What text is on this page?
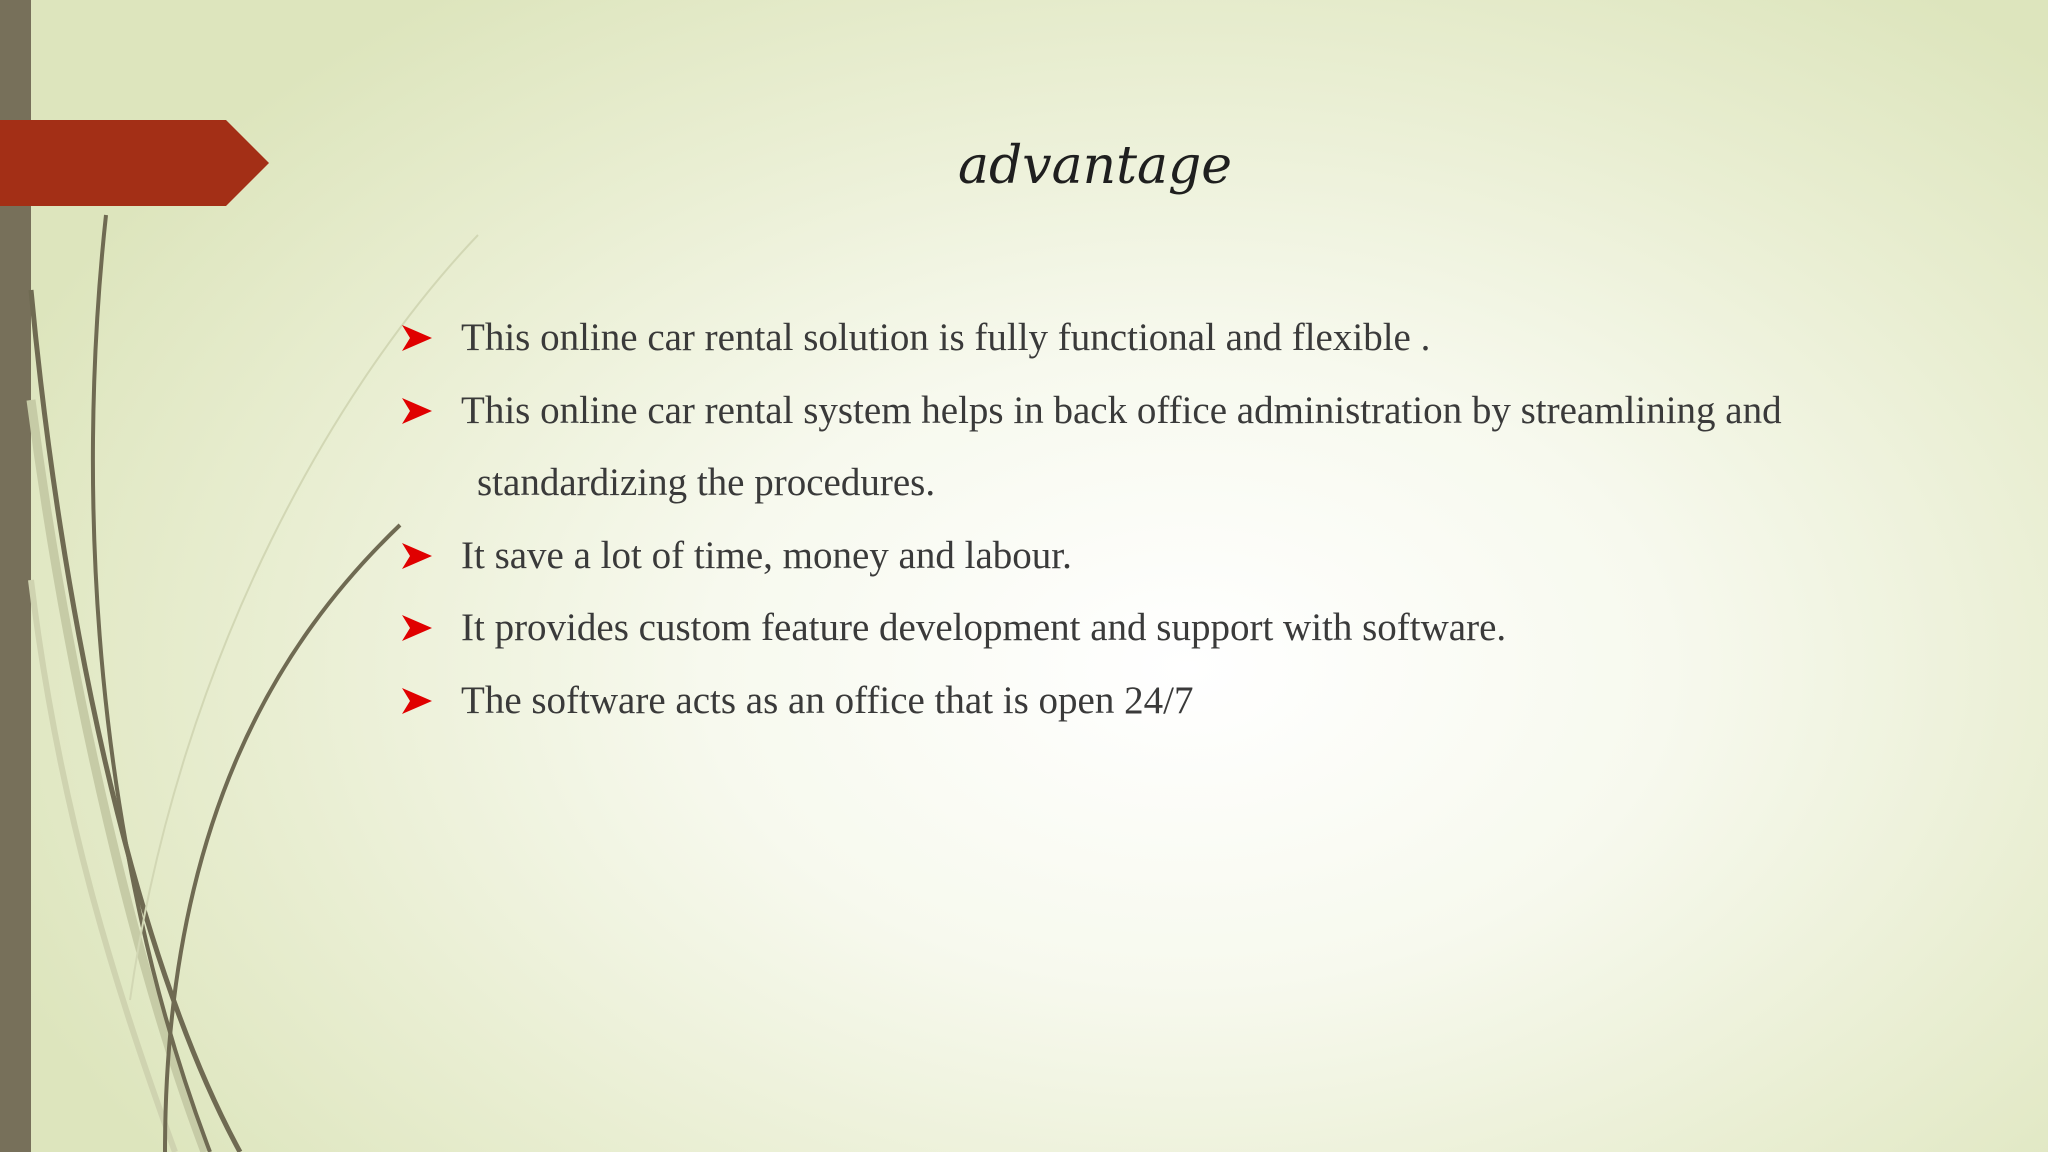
advantage
This online car rental solution is fully functional and flexible .
This online car rental system helps in back office administration by streamlining and
standardizing the procedures.
It save a lot of time, money and labour.
It provides custom feature development and support with software.
The software acts as an office that is open 24/7
